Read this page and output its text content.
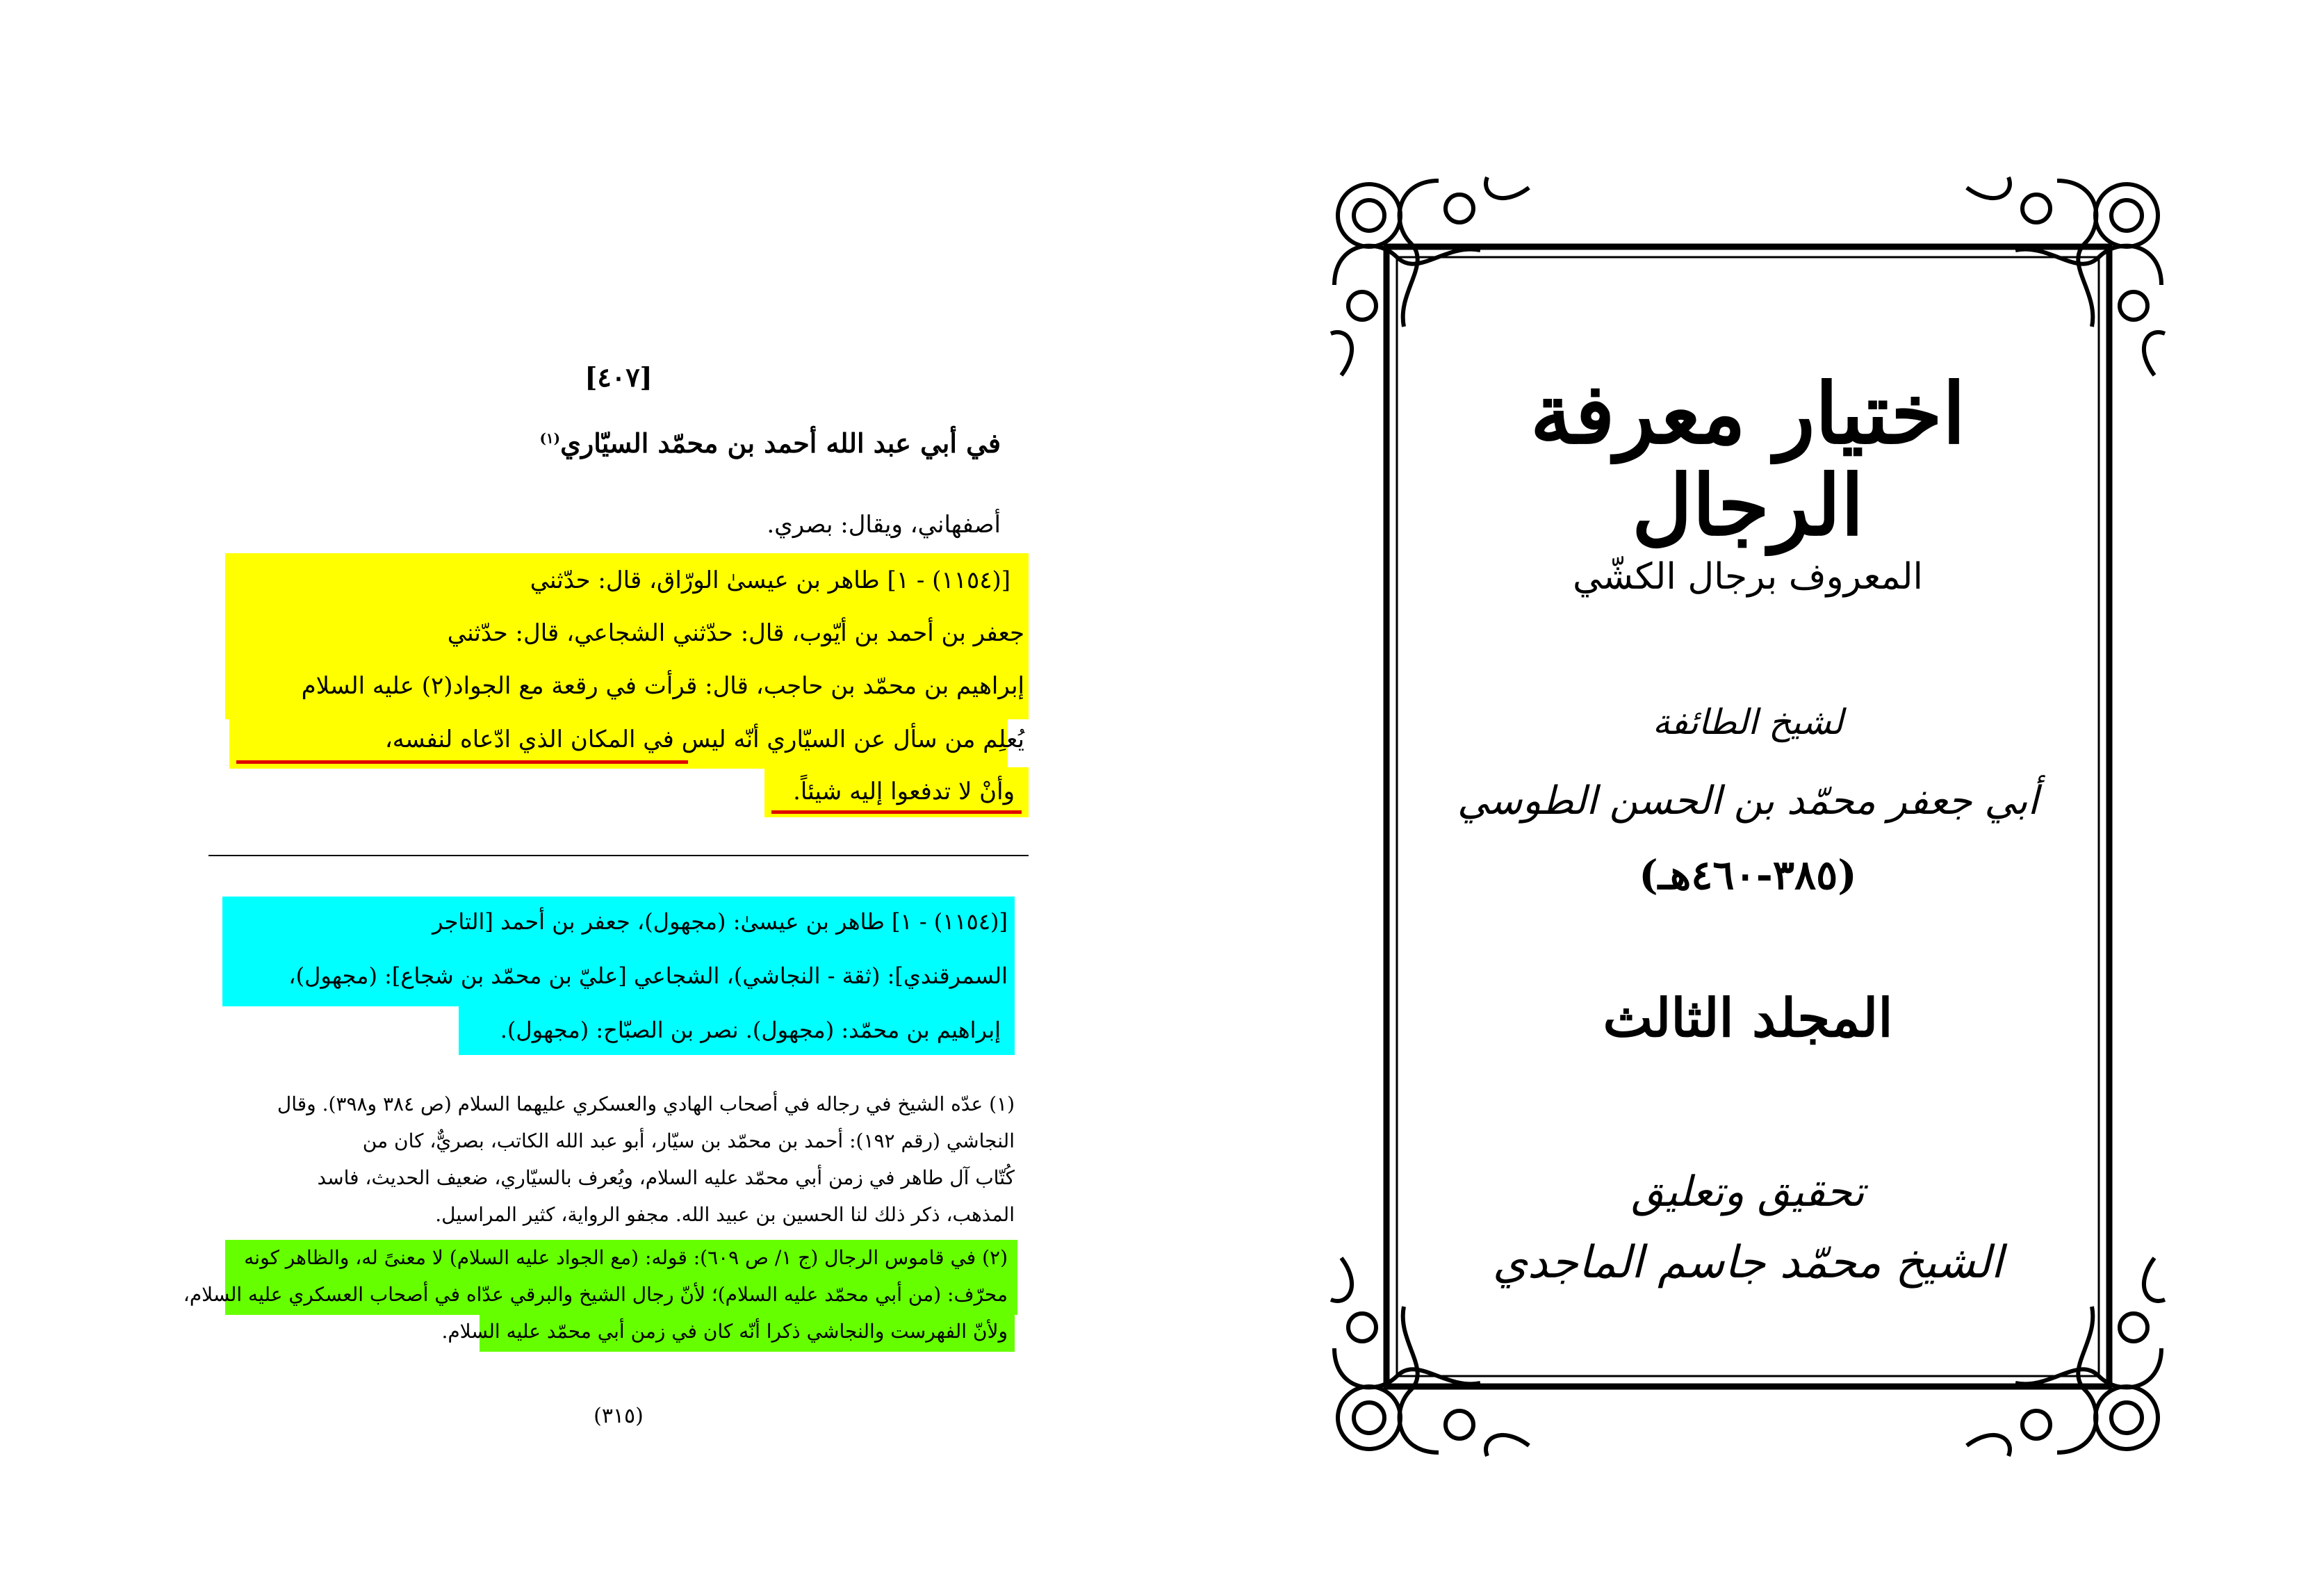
[٤٠٧]
في أبي عبد الله أحمد بن محمّد السيّاري$^{(١)}$
أصفهاني، ويقال: بصري.
[(١١٥٤) - ١] طاهر بن عيسىٰ الورّاق، قال: حدّثني
جعفر بن أحمد بن أيّوب، قال: حدّثني الشجاعي، قال: حدّثني
إبراهيم بن محمّد بن حاجب، قال: قرأت في رقعة مع الجواد(٢) عليه السلام
يُعلِم من سأل عن السيّاري أنّه ليس في المكان الذي ادّعاه لنفسه،
وأنْ لا تدفعوا إليه شيئاً.
[(١١٥٤) - ١] طاهر بن عيسىٰ: (مجهول)، جعفر بن أحمد [التاجر
السمرقندي]: (ثقة - النجاشي)، الشجاعي [عليّ بن محمّد بن شجاع]: (مجهول)،
إبراهيم بن محمّد: (مجهول). نصر بن الصبّاح: (مجهول).
(١) عدّه الشيخ في رجاله في أصحاب الهادي والعسكري عليهما السلام (ص ٣٨٤ و٣٩٨). وقال
النجاشي (رقم ١٩٢): أحمد بن محمّد بن سيّار، أبو عبد الله الكاتب، بصريٌّ، كان من
كُتّاب آل طاهر في زمن أبي محمّد عليه السلام، ويُعرف بالسيّاري، ضعيف الحديث، فاسد
المذهب، ذكر ذلك لنا الحسين بن عبيد الله. مجفو الرواية، كثير المراسيل.
(٢) في قاموس الرجال (ج ١/ ص ٦٠٩): قوله: (مع الجواد عليه السلام) لا معنىً له، والظاهر كونه
محرّف: (من أبي محمّد عليه السلام)؛ لأنّ رجال الشيخ والبرقي عدّاه في أصحاب العسكري عليه السلام،
ولأنّ الفهرست والنجاشي ذكرا أنّه كان في زمن أبي محمّد عليه السلام.
(٣١٥)
اختيار معرفة الرجال
المعروف برجال الكشّي
لشيخ الطائفة
أبي جعفر محمّد بن الحسن الطوسي
(٣٨٥-٤٦٠هـ)
المجلد الثالث
تحقيق وتعليق
الشيخ محمّد جاسم الماجدي
